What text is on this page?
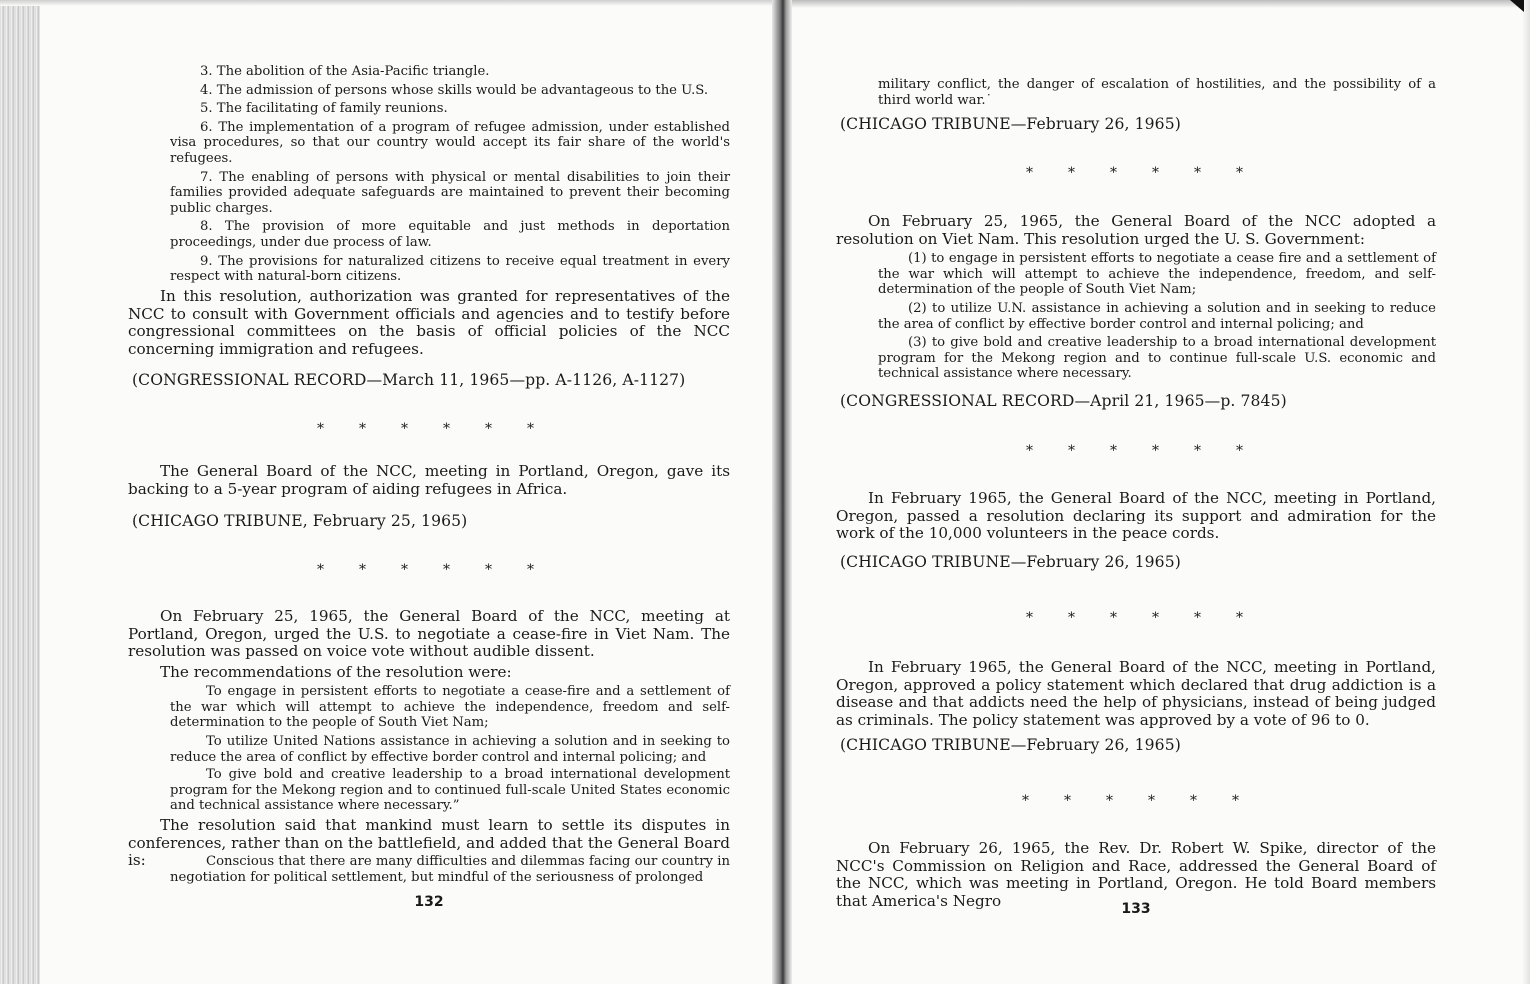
3. The abolition of the Asia-Pacific triangle.

4. The admission of persons whose skills would be advantageous to the U.S.

5. The facilitating of family reunions.

6. The implementation of a program of refugee admission, under established visa procedures, so that our country would accept its fair share of the world's refugees.

7. The enabling of persons with physical or mental disabilities to join their families provided adequate safeguards are maintained to prevent their becoming public charges.

8. The provision of more equitable and just methods in deportation proceedings, under due process of law.

9. The provisions for naturalized citizens to receive equal treatment in every respect with natural-born citizens.

In this resolution, authorization was granted for representatives of the NCC to consult with Government officials and agencies and to testify before congressional committees on the basis of official policies of the NCC concerning immigration and refugees.

(CONGRESSIONAL RECORD—March 11, 1965—pp. A-1126, A-1127)

*	*	*	*	*	*

The General Board of the NCC, meeting in Portland, Oregon, gave its backing to a 5-year program of aiding refugees in Africa.

(CHICAGO TRIBUNE, February 25, 1965)

*	*	*	*	*	*

On February 25, 1965, the General Board of the NCC, meeting at Portland, Oregon, urged the U.S. to negotiate a cease-fire in Viet Nam. The resolution was passed on voice vote without audible dissent.

The recommendations of the resolution were:

To engage in persistent efforts to negotiate a cease-fire and a settlement of the war which will attempt to achieve the independence, freedom and self-determination to the people of South Viet Nam;

To utilize United Nations assistance in achieving a solution and in seeking to reduce the area of conflict by effective border control and internal policing; and

To give bold and creative leadership to a broad international development program for the Mekong region and to continued full-scale United States economic and technical assistance where necessary.”

The resolution said that mankind must learn to settle its disputes in conferences, rather than on the battlefield, and added that the General Board is:	Conscious that there are many difficulties and dilemmas facing our country in negotiation for political settlement, but mindful of the seriousness of prolonged

132

military conflict, the danger of escalation of hostilities, and the possibility of a third world war.˙

(CHICAGO TRIBUNE—February 26, 1965)

*	*	*	*	*	*

On February 25, 1965, the General Board of the NCC adopted a resolution on Viet Nam. This resolution urged the U. S. Government:

(1) to engage in persistent efforts to negotiate a cease fire and a settlement of the war which will attempt to achieve the independence, freedom, and self-determination of the people of South Viet Nam;

(2) to utilize U.N. assistance in achieving a solution and in seeking to reduce the area of conflict by effective border control and internal policing; and

(3) to give bold and creative leadership to a broad international development program for the Mekong region and to continue full-scale U.S. economic and technical assistance where necessary.

(CONGRESSIONAL RECORD—April 21, 1965—p. 7845)

*	*	*	*	*	*

In February 1965, the General Board of the NCC, meeting in Portland, Oregon, passed a resolution declaring its support and admiration for the work of the 10,000 volunteers in the peace cords.

(CHICAGO TRIBUNE—February 26, 1965)

*	*	*	*	*	*

In February 1965, the General Board of the NCC, meeting in Portland, Oregon, approved a policy statement which declared that drug addiction is a disease and that addicts need the help of physicians, instead of being judged as criminals. The policy statement was approved by a vote of 96 to 0.

(CHICAGO TRIBUNE—February 26, 1965)

*	*	*	*	*	*

On February 26, 1965, the Rev. Dr. Robert W. Spike, director of the NCC's Commission on Religion and Race, addressed the General Board of the NCC, which was meeting in Portland, Oregon. He told Board members that America's Negro	133
